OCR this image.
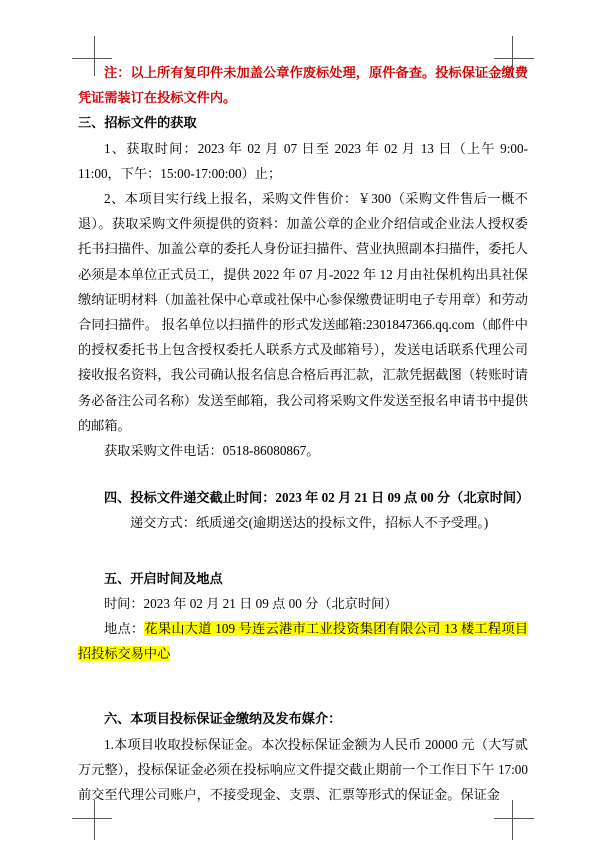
注：以上所有复印件未加盖公章作废标处理，原件备查。投标保证金缴费凭证需装订在投标文件内。

三、招标文件的获取

1、获取时间：2023 年 02 月 07 日至 2023 年 02 月 13 日（上午 9:00-11:00，下午：15:00-17:00:00）止；

2、本项目实行线上报名，采购文件售价：￥300（采购文件售后一概不退）。获取采购文件须提供的资料：加盖公章的企业介绍信或企业法人授权委托书扫描件、加盖公章的委托人身份证扫描件、营业执照副本扫描件，委托人必须是本单位正式员工，提供 2022 年 07 月-2022 年 12 月由社保机构出具社保缴纳证明材料（加盖社保中心章或社保中心参保缴费证明电子专用章）和劳动合同扫描件。 报名单位以扫描件的形式发送邮箱:2301847366.qq.com（邮件中的授权委托书上包含授权委托人联系方式及邮箱号），发送电话联系代理公司接收报名资料，我公司确认报名信息合格后再汇款，汇款凭据截图（转账时请务必备注公司名称）发送至邮箱，我公司将采购文件发送至报名申请书中提供的邮箱。

获取采购文件电话：0518-86080867。

四、投标文件递交截止时间：2023 年 02 月 21 日 09 点 00 分（北京时间）

递交方式：纸质递交(逾期送达的投标文件，招标人不予受理。)

五、开启时间及地点

时间：2023 年 02 月 21 日 09 点 00 分（北京时间）

地点：花果山大道 109 号连云港市工业投资集团有限公司 13 楼工程项目招投标交易中心

六、本项目投标保证金缴纳及发布媒介：

1.本项目收取投标保证金。本次投标保证金额为人民币 20000 元（大写贰万元整），投标保证金必须在投标响应文件提交截止期前一个工作日下午 17:00 前交至代理公司账户，不接受现金、支票、汇票等形式的保证金。保证金
